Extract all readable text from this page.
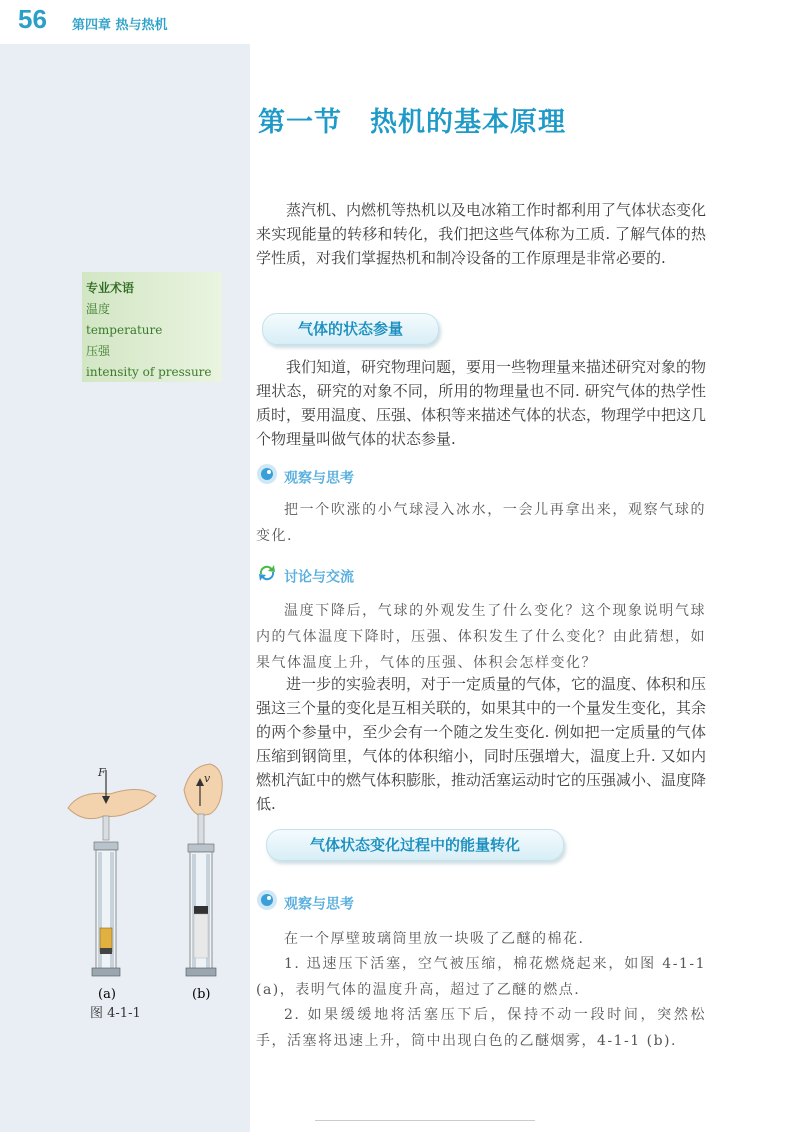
56 第四章 热与热机
第一节 热机的基本原理

蒸汽机、内燃机等热机以及电冰箱工作时都利用了气体状态变化来实现能量的转移和转化，我们把这些气体称为工质. 了解气体的热学性质，对我们掌握热机和制冷设备的工作原理是非常必要的.

专业术语
温度
temperature
压强
intensity of pressure
气体的状态参量

我们知道，研究物理问题，要用一些物理量来描述研究对象的物理状态，研究的对象不同，所用的物理量也不同. 研究气体的热学性质时，要用温度、压强、体积等来描述气体的状态，物理学中把这几个物理量叫做气体的状态参量.

观察与思考

把一个吹涨的小气球浸入冰水，一会儿再拿出来，观察气球的变化.

讨论与交流

温度下降后，气球的外观发生了什么变化？这个现象说明气球内的气体温度下降时，压强、体积发生了什么变化？由此猜想，如果气体温度上升，气体的压强、体积会怎样变化？

进一步的实验表明，对于一定质量的气体，它的温度、体积和压强这三个量的变化是互相关联的，如果其中的一个量发生变化，其余的两个参量中，至少会有一个随之发生变化. 例如把一定质量的气体压缩到钢筒里，气体的体积缩小，同时压强增大，温度上升. 又如内燃机汽缸中的燃气体积膨胀，推动活塞运动时它的压强减小、温度降低.

气体状态变化过程中的能量转化
观察与思考

在一个厚壁玻璃筒里放一块吸了乙醚的棉花.

1. 迅速压下活塞，空气被压缩，棉花燃烧起来，如图 4-1-1 (a)，表明气体的温度升高，超过了乙醚的燃点.

2. 如果缓缓地将活塞压下后，保持不动一段时间，突然松手，活塞将迅速上升，筒中出现白色的乙醚烟雾，4-1-1 (b).

F	v
(a)	(b)
图 4-1-1
